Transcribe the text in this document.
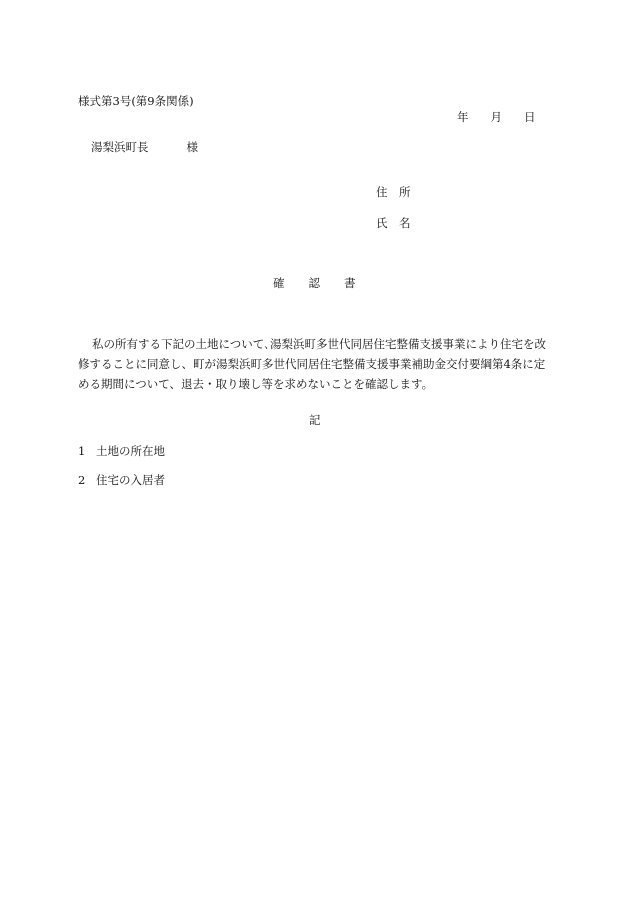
様式第3号(第9条関係)
年 月 日
湯梨浜町長	様
住　所
氏　名
確 認 書
私の所有する下記の土地について､湯梨浜町多世代同居住宅整備支援事業により住宅を改修することに同意し、町が湯梨浜町多世代同居住宅整備支援事業補助金交付要綱第4条に定める期間について、退去・取り壊し等を求めないことを確認します。
記
1 土地の所在地
2 住宅の入居者
